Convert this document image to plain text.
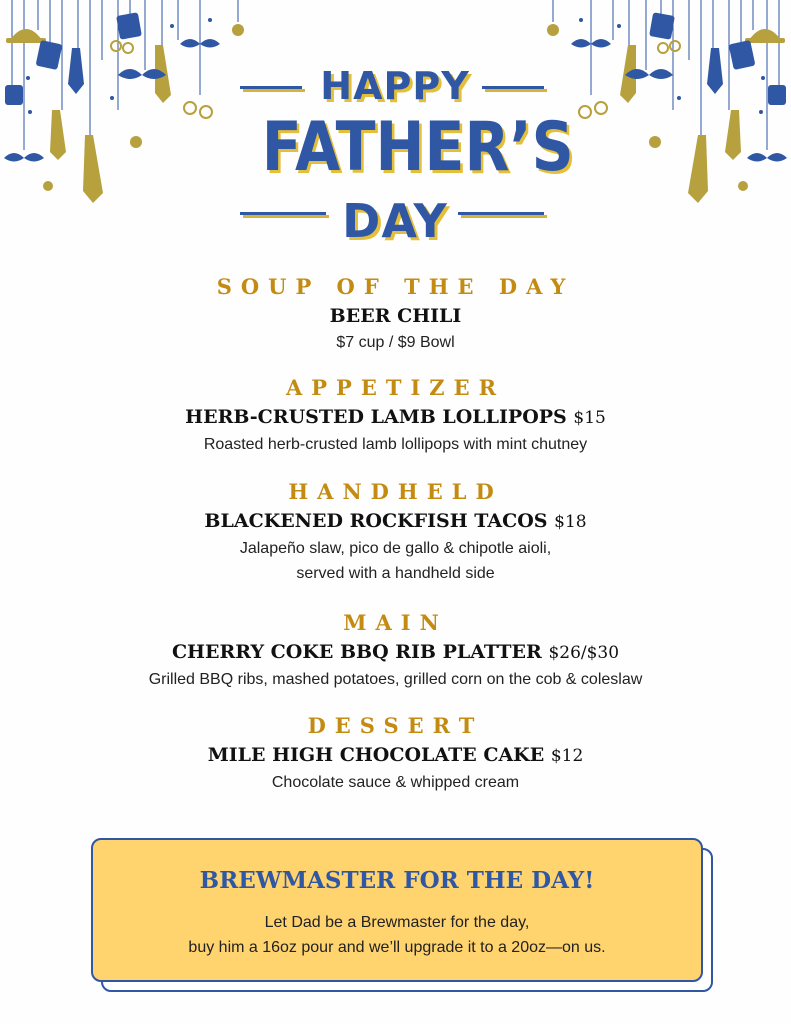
HAPPY
FATHER’S
DAY

SOUP OF THE DAY

BEER CHILI

$7 cup / $9 Bowl

APPETIZER

HERB-CRUSTED LAMB LOLLIPOPS $15

Roasted herb-crusted lamb lollipops with mint chutney

HANDHELD

BLACKENED ROCKFISH TACOS $18

Jalapeño slaw, pico de gallo & chipotle aioli,

served with a handheld side

MAIN

CHERRY COKE BBQ RIB PLATTER $26/$30

Grilled BBQ ribs, mashed potatoes, grilled corn on the cob & coleslaw

DESSERT

MILE HIGH CHOCOLATE CAKE $12

Chocolate sauce & whipped cream

BREWMASTER FOR THE DAY!
Let Dad be a Brewmaster for the day,
buy him a 16oz pour and we’ll upgrade it to a 20oz—on us.
